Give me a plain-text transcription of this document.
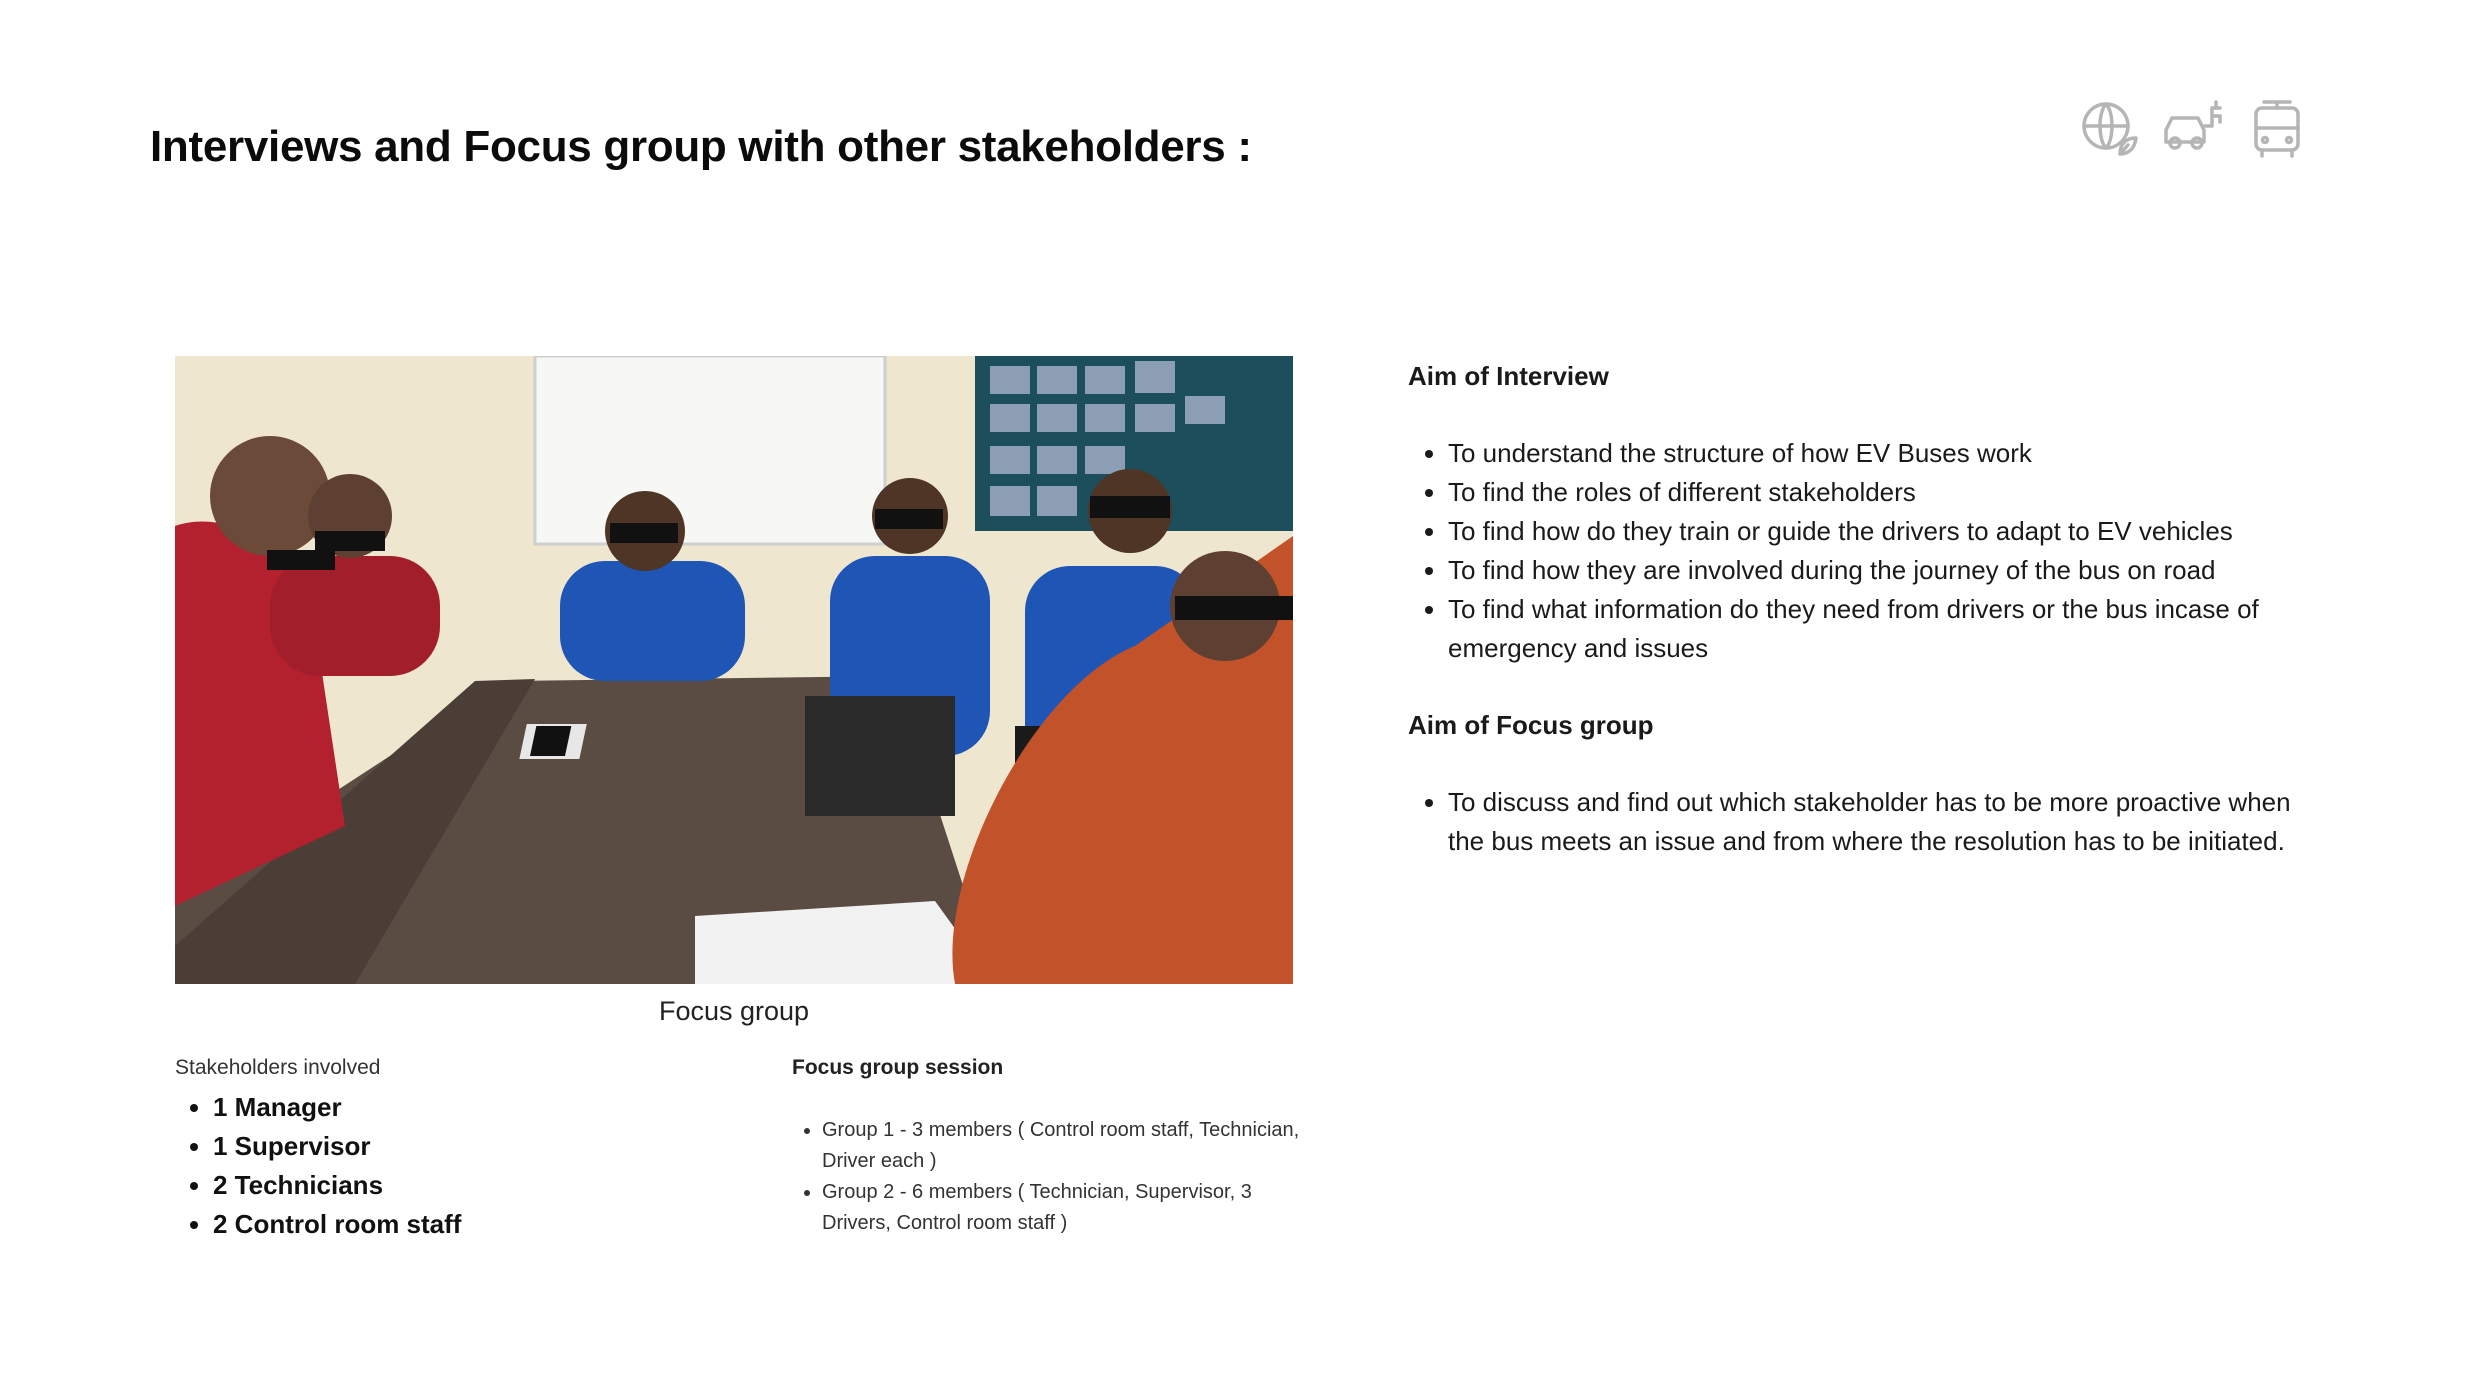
Interviews and Focus group with other stakeholders :
Focus group
Stakeholders involved
• 1 Manager
• 1 Supervisor
• 2 Technicians
• 2 Control room staff
Focus group session
• Group 1 - 3 members ( Control room staff, Technician, Driver each )
• Group 2 - 6 members ( Technician, Supervisor, 3 Drivers, Control room staff )
Aim of Interview
• To understand the structure of how EV Buses work
• To find the roles of different stakeholders
• To find how do they train or guide the drivers to adapt to EV vehicles
• To find how they are involved during the journey of the bus on road
• To find what information do they need from drivers or the bus incase of emergency and issues
Aim of Focus group
• To discuss and find out which stakeholder has to be more proactive when the bus meets an issue and from where the resolution has to be initiated.
